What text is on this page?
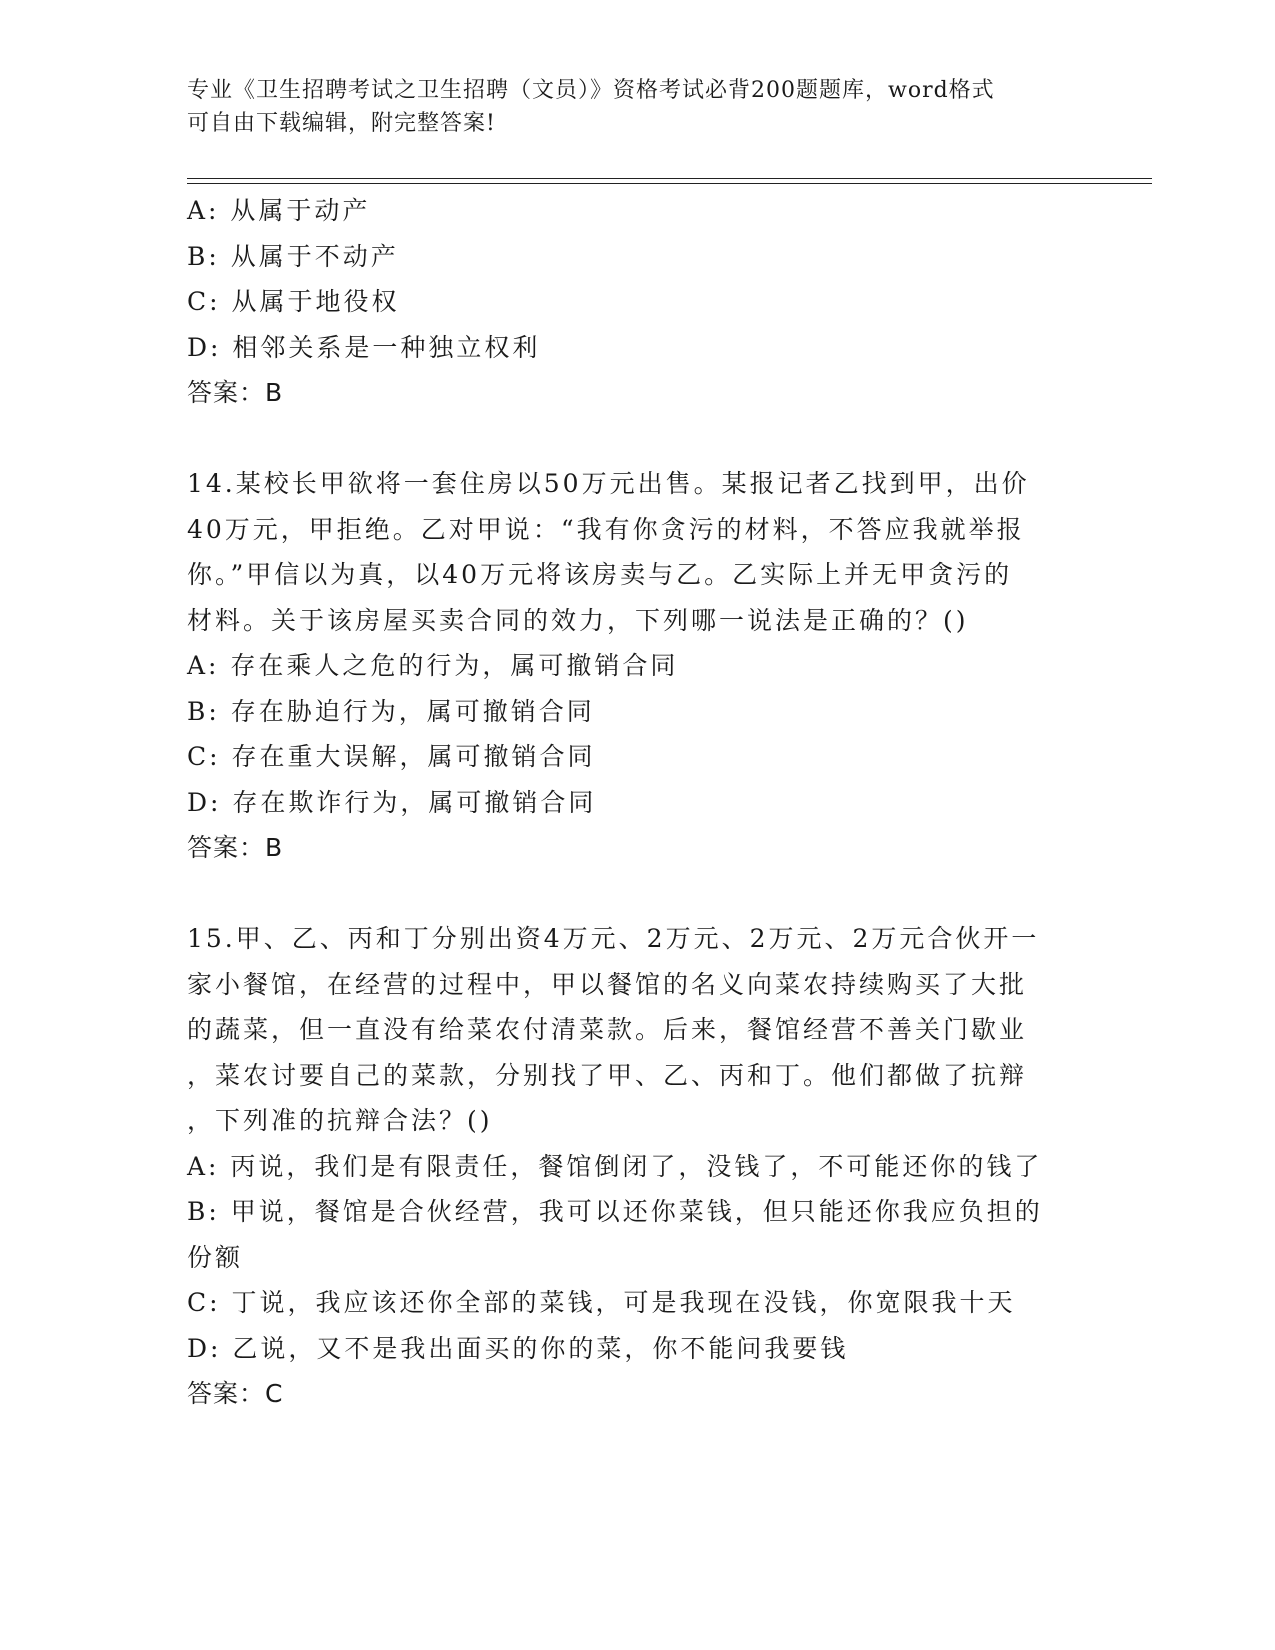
专业《卫生招聘考试之卫生招聘（文员）》资格考试必背200题题库，word格式
可自由下载编辑，附完整答案!
A: 从属于动产
B: 从属于不动产
C: 从属于地役权
D: 相邻关系是一种独立权利
答案：B
14.某校长甲欲将一套住房以50万元出售。某报记者乙找到甲，出价
40万元，甲拒绝。乙对甲说：“我有你贪污的材料，不答应我就举报
你。”甲信以为真，以40万元将该房卖与乙。乙实际上并无甲贪污的
材料。关于该房屋买卖合同的效力，下列哪一说法是正确的？()
A: 存在乘人之危的行为，属可撤销合同
B: 存在胁迫行为，属可撤销合同
C: 存在重大误解，属可撤销合同
D: 存在欺诈行为，属可撤销合同
答案：B
15.甲、乙、丙和丁分别出资4万元、2万元、2万元、2万元合伙开一
家小餐馆，在经营的过程中，甲以餐馆的名义向菜农持续购买了大批
的蔬菜，但一直没有给菜农付清菜款。后来，餐馆经营不善关门歇业
，菜农讨要自己的菜款，分别找了甲、乙、丙和丁。他们都做了抗辩
，下列准的抗辩合法？()
A: 丙说，我们是有限责任，餐馆倒闭了，没钱了，不可能还你的钱了
B: 甲说，餐馆是合伙经营，我可以还你菜钱，但只能还你我应负担的
份额
C: 丁说，我应该还你全部的菜钱，可是我现在没钱，你宽限我十天
D: 乙说，又不是我出面买的你的菜，你不能问我要钱
答案：C
